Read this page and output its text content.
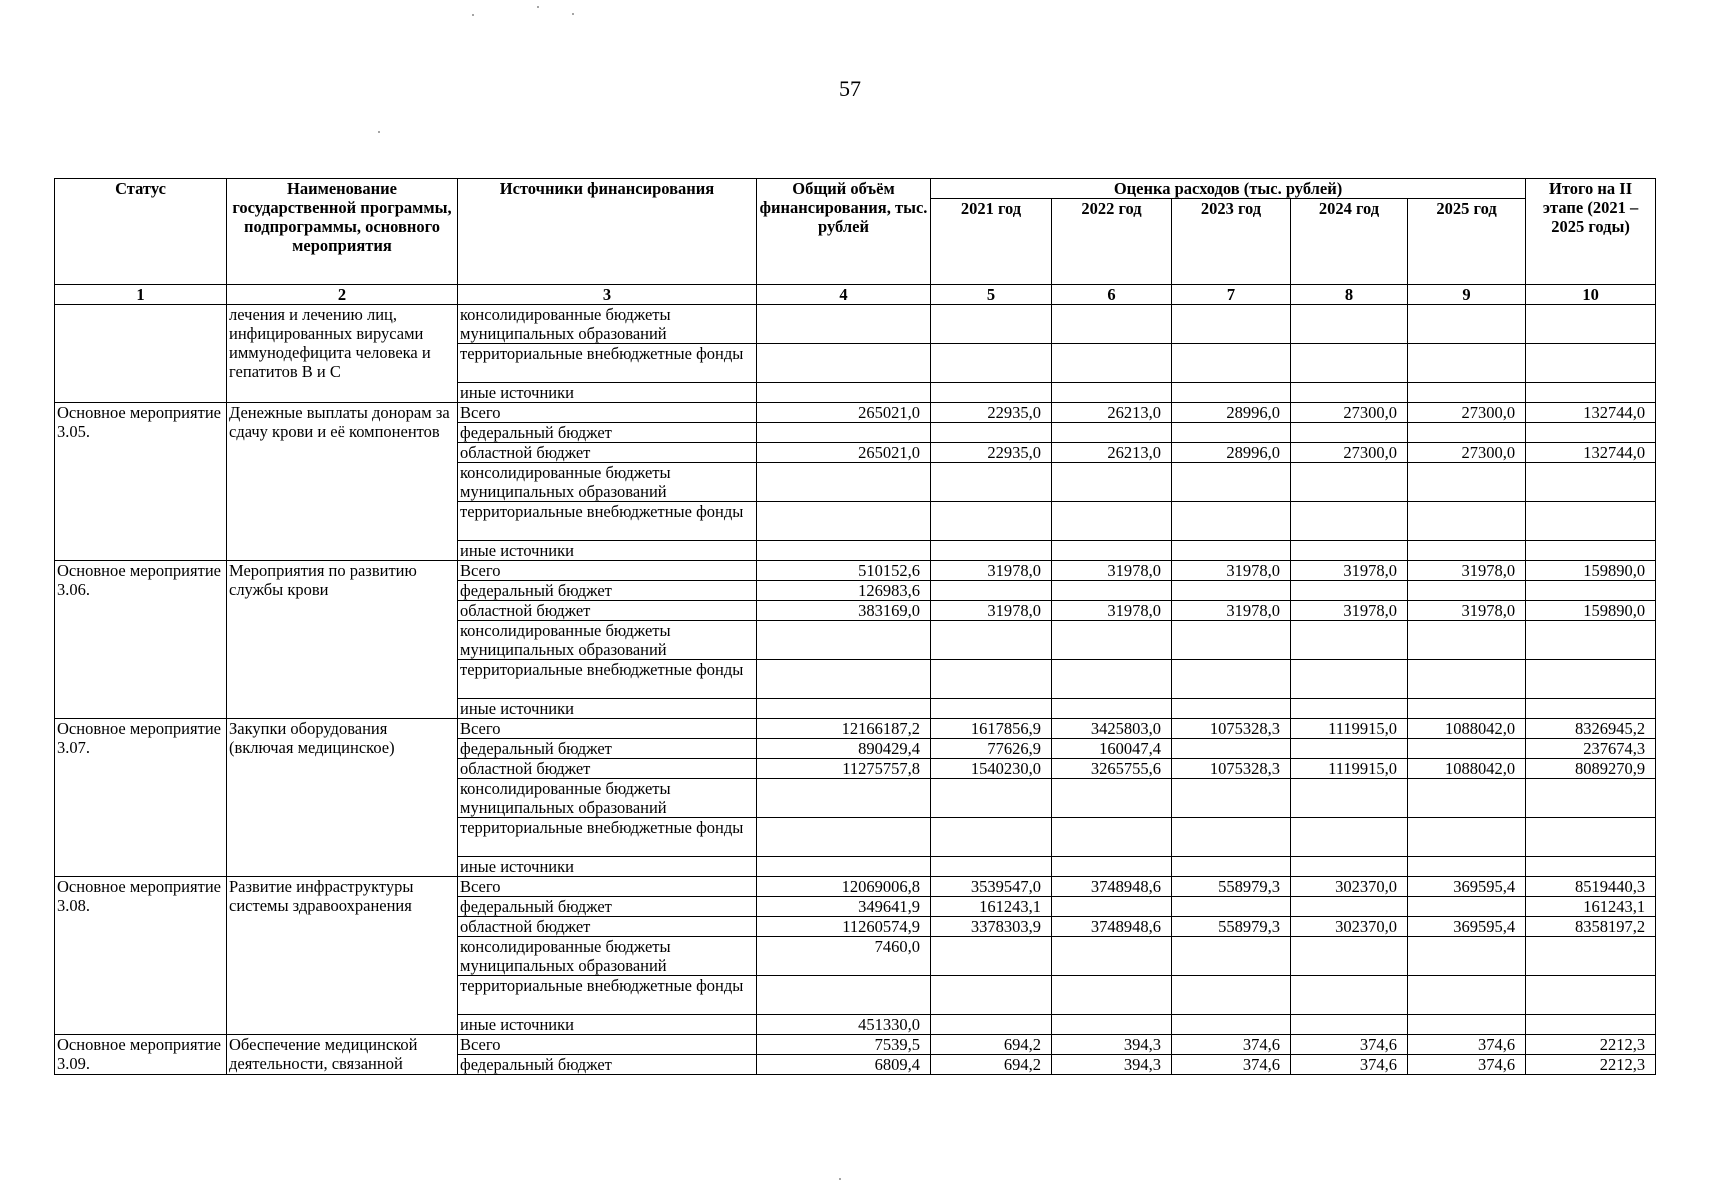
57
Статус	Наименование государственной программы, подпрограммы, основного мероприятия	Источники финансирования	Общий объём финансирования, тыс. рублей	Оценка расходов (тыс. рублей)					Итого на II этапе (2021 – 2025 годы)
				2021 год	2022 год	2023 год	2024 год	2025 год	
1	2	3	4	5	6	7	8	9	10
	лечения и лечению лиц, инфицированных вирусами иммунодефицита человека и гепатитов В и С	консолидированные бюджеты муниципальных образований							
		территориальные внебюджетные фонды							
		иные источники							
Основное мероприятие 3.05.	Денежные выплаты донорам за сдачу крови и её компонентов	Всего	265021,0	22935,0	26213,0	28996,0	27300,0	27300,0	132744,0
		федеральный бюджет							
		областной бюджет	265021,0	22935,0	26213,0	28996,0	27300,0	27300,0	132744,0
		консолидированные бюджеты муниципальных образований							
		территориальные внебюджетные фонды							
		иные источники							
Основное мероприятие 3.06.	Мероприятия по развитию службы крови	Всего	510152,6	31978,0	31978,0	31978,0	31978,0	31978,0	159890,0
		федеральный бюджет	126983,6						
		областной бюджет	383169,0	31978,0	31978,0	31978,0	31978,0	31978,0	159890,0
		консолидированные бюджеты муниципальных образований							
		территориальные внебюджетные фонды							
		иные источники							
Основное мероприятие 3.07.	Закупки оборудования (включая медицинское)	Всего	12166187,2	1617856,9	3425803,0	1075328,3	1119915,0	1088042,0	8326945,2
		федеральный бюджет	890429,4	77626,9	160047,4				237674,3
		областной бюджет	11275757,8	1540230,0	3265755,6	1075328,3	1119915,0	1088042,0	8089270,9
		консолидированные бюджеты муниципальных образований							
		территориальные внебюджетные фонды							
		иные источники							
Основное мероприятие 3.08.	Развитие инфраструктуры системы здравоохранения	Всего	12069006,8	3539547,0	3748948,6	558979,3	302370,0	369595,4	8519440,3
		федеральный бюджет	349641,9	161243,1					161243,1
		областной бюджет	11260574,9	3378303,9	3748948,6	558979,3	302370,0	369595,4	8358197,2
		консолидированные бюджеты муниципальных образований	7460,0						
		территориальные внебюджетные фонды							
		иные источники	451330,0						
Основное мероприятие 3.09.	Обеспечение медицинской деятельности, связанной	Всего	7539,5	694,2	394,3	374,6	374,6	374,6	2212,3
		федеральный бюджет	6809,4	694,2	394,3	374,6	374,6	374,6	2212,3
